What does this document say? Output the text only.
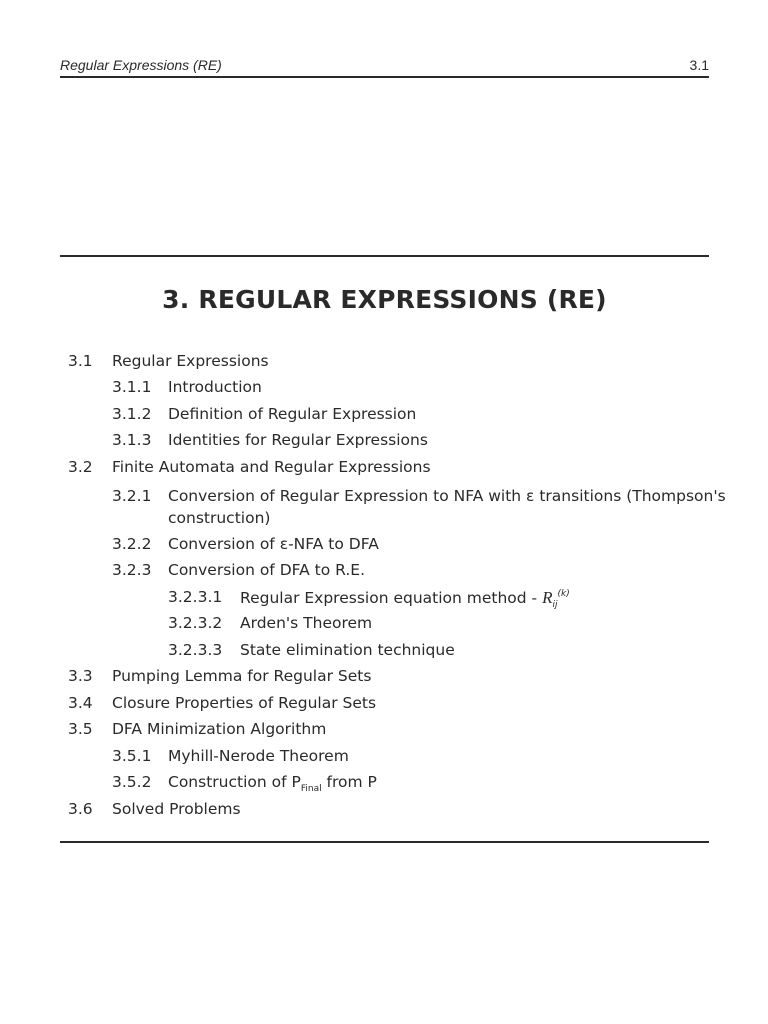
Regular Expressions (RE)	3.1
3. REGULAR EXPRESSIONS (RE)
3.1 Regular Expressions
3.1.1 Introduction
3.1.2 Definition of Regular Expression
3.1.3 Identities for Regular Expressions
3.2 Finite Automata and Regular Expressions
3.2.1 Conversion of Regular Expression to NFA with ε transitions (Thompson's
construction)
3.2.2 Conversion of ε-NFA to DFA
3.2.3 Conversion of DFA to R.E.
3.2.3.1 Regular Expression equation method - $R_{ij}^{(k)}$
3.2.3.2 Arden's Theorem
3.2.3.3 State elimination technique
3.3 Pumping Lemma for Regular Sets
3.4 Closure Properties of Regular Sets
3.5 DFA Minimization Algorithm
3.5.1 Myhill-Nerode Theorem
3.5.2 Construction of $P_{Final}$ from P
3.6 Solved Problems
